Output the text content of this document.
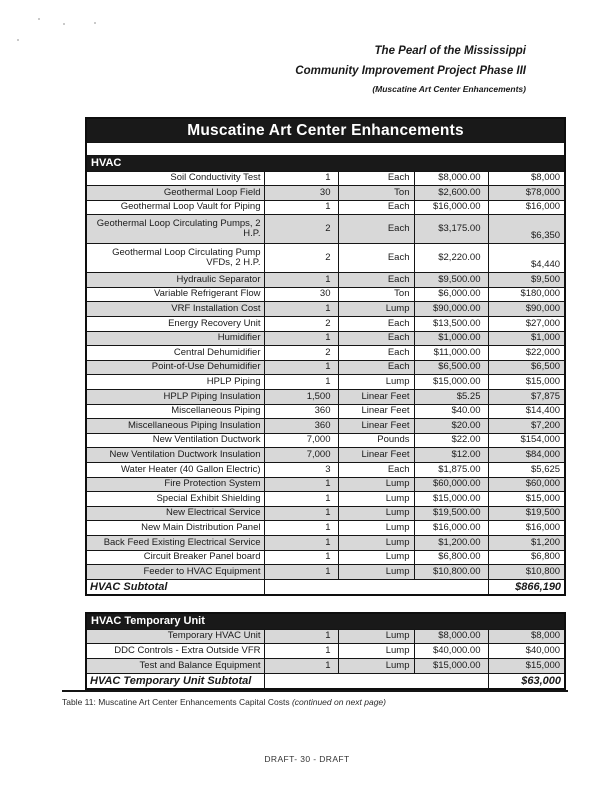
The Pearl of the Mississippi
Community Improvement Project Phase III
(Muscatine Art Center Enhancements)
Muscatine Art Center Enhancements				

HVAC				
Soil Conductivity Test	1	Each	$8,000.00	$8,000
Geothermal Loop Field	30	Ton	$2,600.00	$78,000
Geothermal Loop Vault for Piping	1	Each	$16,000.00	$16,000
Geothermal Loop Circulating Pumps, 2 H.P.	2	Each	$3,175.00	$6,350
Geothermal Loop Circulating Pump VFDs, 2 H.P.	2	Each	$2,220.00	$4,440
Hydraulic Separator	1	Each	$9,500.00	$9,500
Variable Refrigerant Flow	30	Ton	$6,000.00	$180,000
VRF Installation Cost	1	Lump	$90,000.00	$90,000
Energy Recovery Unit	2	Each	$13,500.00	$27,000
Humidifier	1	Each	$1,000.00	$1,000
Central Dehumidifier	2	Each	$11,000.00	$22,000
Point-of-Use Dehumidifier	1	Each	$6,500.00	$6,500
HPLP Piping	1	Lump	$15,000.00	$15,000
HPLP Piping Insulation	1,500	Linear Feet	$5.25	$7,875
Miscellaneous Piping	360	Linear Feet	$40.00	$14,400
Miscellaneous Piping Insulation	360	Linear Feet	$20.00	$7,200
New Ventilation Ductwork	7,000	Pounds	$22.00	$154,000
New Ventilation Ductwork Insulation	7,000	Linear Feet	$12.00	$84,000
Water Heater (40 Gallon Electric)	3	Each	$1,875.00	$5,625
Fire Protection System	1	Lump	$60,000.00	$60,000
Special Exhibit Shielding	1	Lump	$15,000.00	$15,000
New Electrical Service	1	Lump	$19,500.00	$19,500
New Main Distribution Panel	1	Lump	$16,000.00	$16,000
Back Feed Existing Electrical Service	1	Lump	$1,200.00	$1,200
Circuit Breaker Panel board	1	Lump	$6,800.00	$6,800
Feeder to HVAC Equipment	1	Lump	$10,800.00	$10,800
HVAC Subtotal				$866,190
HVAC Temporary Unit				
Temporary HVAC Unit	1	Lump	$8,000.00	$8,000
DDC Controls - Extra Outside VFR	1	Lump	$40,000.00	$40,000
Test and Balance Equipment	1	Lump	$15,000.00	$15,000
HVAC Temporary Unit Subtotal				$63,000
Table 11: Muscatine Art Center Enhancements Capital Costs (continued on next page)
DRAFT- 30 - DRAFT
